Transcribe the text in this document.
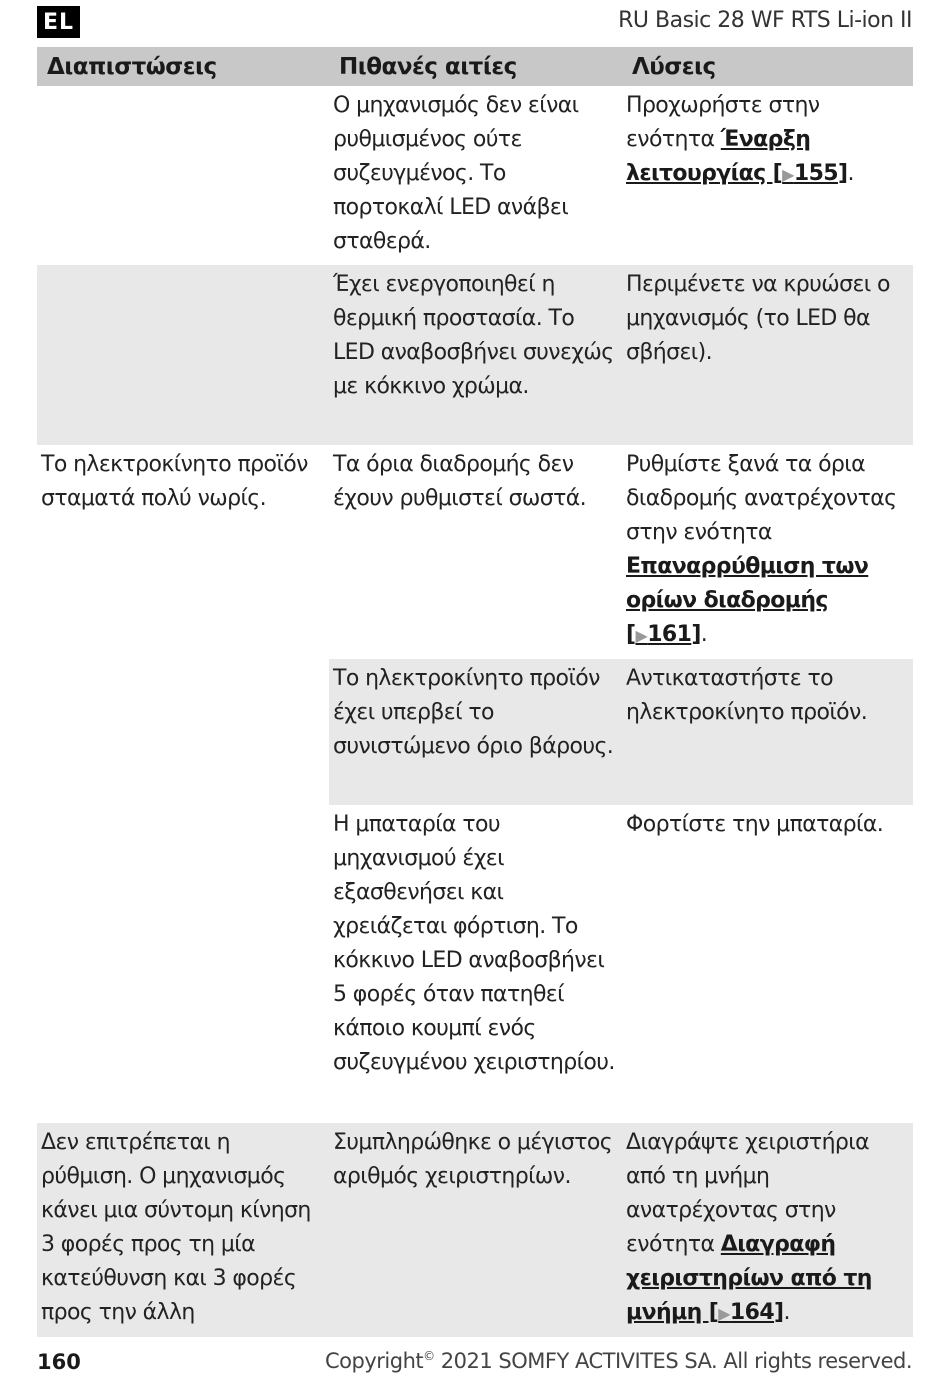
EL	RU Basic 28 WF RTS Li-ion II
Διαπιστώσεις	Πιθανές αιτίες	Λύσεις
	Ο μηχανισμός δεν είναι ρυθμισμένος ούτε συζευγμένος. Το πορτοκαλί LED ανάβει σταθερά.	Προχωρήστε στην ενότητα Έναρξη λειτουργίας [▶155].
	Έχει ενεργοποιηθεί η θερμική προστασία. Το LED αναβοσβήνει συνεχώς με κόκκινο χρώμα.	Περιμένετε να κρυώσει ο μηχανισμός (το LED θα σβήσει).
Το ηλεκτροκίνητο προϊόν σταματά πολύ νωρίς.	Τα όρια διαδρομής δεν έχουν ρυθμιστεί σωστά.	Ρυθμίστε ξανά τα όρια διαδρομής ανατρέχοντας στην ενότητα Επαναρρύθμιση των ορίων διαδρομής [▶161].
	Το ηλεκτροκίνητο προϊόν έχει υπερβεί το συνιστώμενο όριο βάρους.	Αντικαταστήστε το ηλεκτροκίνητο προϊόν.
	Η μπαταρία του μηχανισμού έχει εξασθενήσει και χρειάζεται φόρτιση. Το κόκκινο LED αναβοσβήνει 5 φορές όταν πατηθεί κάποιο κουμπί ενός συζευγμένου χειριστηρίου.	Φορτίστε την μπαταρία.
Δεν επιτρέπεται η ρύθμιση. Ο μηχανισμός κάνει μια σύντομη κίνηση 3 φορές προς τη μία κατεύθυνση και 3 φορές προς την άλλη	Συμπληρώθηκε ο μέγιστος αριθμός χειριστηρίων.	Διαγράψτε χειριστήρια από τη μνήμη ανατρέχοντας στην ενότητα Διαγραφή χειριστηρίων από τη μνήμη [▶164].
160	Copyright© 2021 SOMFY ACTIVITES SA. All rights reserved.
